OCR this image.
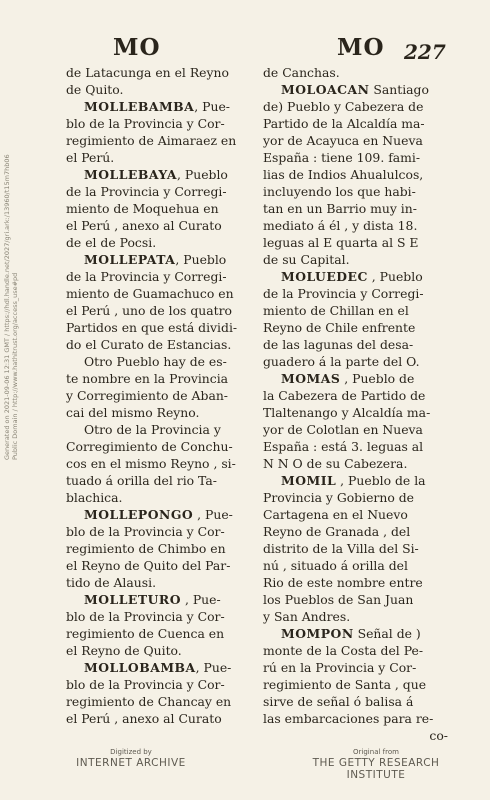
Generated on 2021-09-06 12:31 GMT / https://hdl.handle.net/2027/gri.ark:/13960/t15m7hb06 Public Domain / http://www.hathitrust.org/access_use#pd
MO	MO 227
de Latacunga en el Reyno
de Quito.
MOLLEBAMBA, Pue-
blo de la Provincia y Cor-
regimiento de Aimaraez en
el Perú.
MOLLEBAYA, Pueblo
de la Provincia y Corregi-
miento de Moquehua en
el Perú , anexo al Curato
de el de Pocsi.
MOLLEPATA, Pueblo
de la Provincia y Corregi-
miento de Guamachuco en
el Perú , uno de los quatro
Partidos en que está dividi-
do el Curato de Estancias.
Otro Pueblo hay de es-
te nombre en la Provincia
y Corregimiento de Aban-
cai del mismo Reyno.
Otro de la Provincia y
Corregimiento de Conchu-
cos en el mismo Reyno , si-
tuado á orilla del rio Ta-
blachica.
MOLLEPONGO , Pue-
blo de la Provincia y Cor-
regimiento de Chimbo en
el Reyno de Quito del Par-
tido de Alausi.
MOLLETURO , Pue-
blo de la Provincia y Cor-
regimiento de Cuenca en
el Reyno de Quito.
MOLLOBAMBA, Pue-
blo de la Provincia y Cor-
regimiento de Chancay en
el Perú , anexo al Curato
de Canchas.
MOLOACAN Santiago
de) Pueblo y Cabezera de
Partido de la Alcaldía ma-
yor de Acayuca en Nueva
España : tiene 109. fami-
lias de Indios Ahualulcos,
incluyendo los que habi-
tan en un Barrio muy in-
mediato á él , y dista 18.
leguas al E quarta al S E
de su Capital.
MOLUEDEC , Pueblo
de la Provincia y Corregi-
miento de Chillan en el
Reyno de Chile enfrente
de las lagunas del desa-
guadero á la parte del O.
MOMAS , Pueblo de
la Cabezera de Partido de
Tlaltenango y Alcaldía ma-
yor de Colotlan en Nueva
España : está 3. leguas al
N N O de su Cabezera.
MOMIL , Pueblo de la
Provincia y Gobierno de
Cartagena en el Nuevo
Reyno de Granada , del
distrito de la Villa del Si-
nú , situado á orilla del
Rio de este nombre entre
los Pueblos de San Juan
y San Andres.
MOMPON Señal de )
monte de la Costa del Pe-
rú en la Provincia y Cor-
regimiento de Santa , que
sirve de señal ó balisa á
las embarcaciones para re-
co-
Digitized by
INTERNET ARCHIVE
Original from
THE GETTY RESEARCH INSTITUTE
